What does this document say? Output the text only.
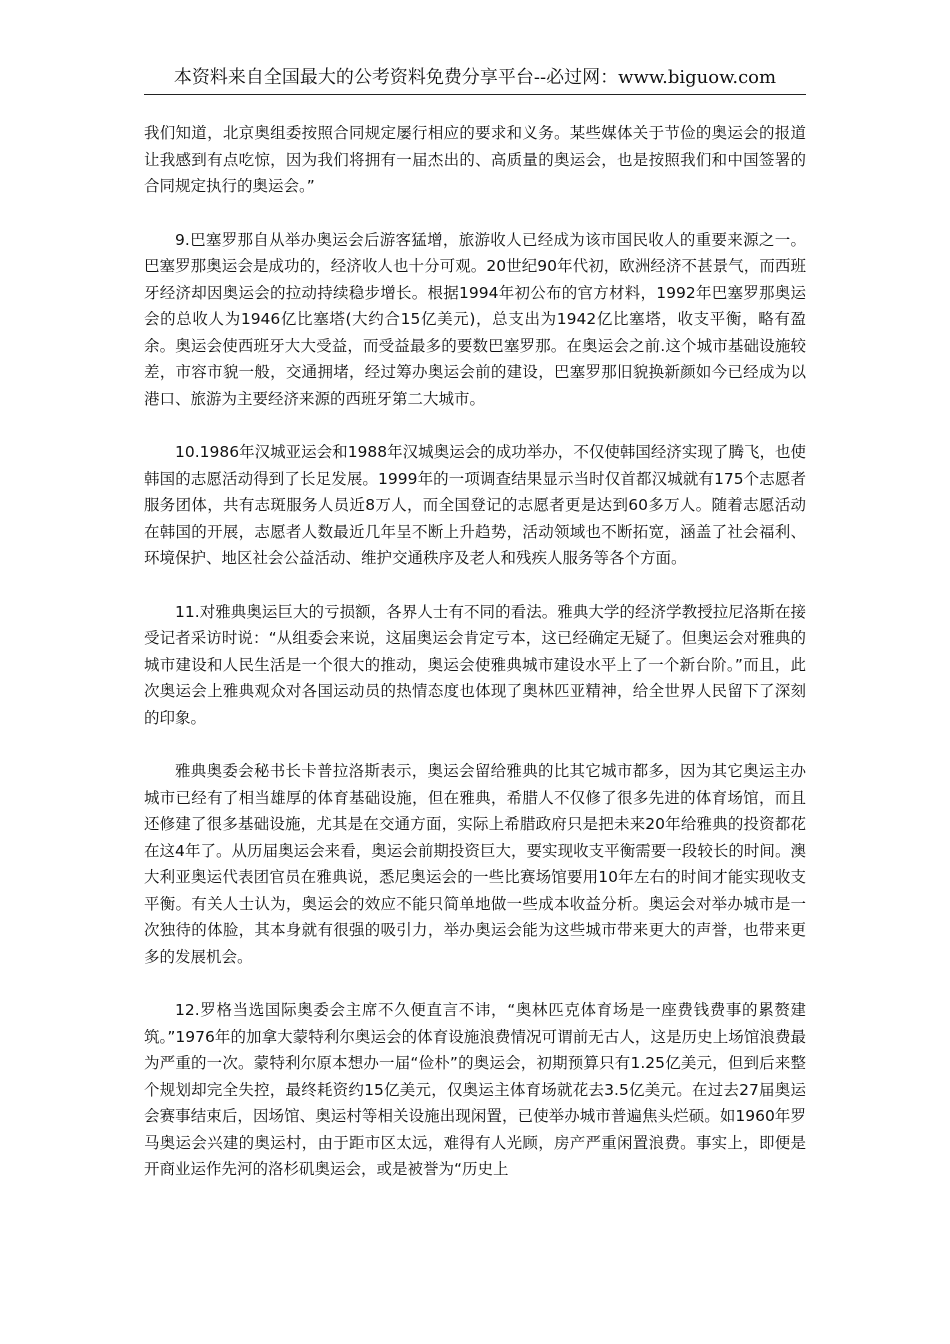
本资料来自全国最大的公考资料免费分享平台--必过网：www.biguow.com

我们知道，北京奥组委按照合同规定屡行相应的要求和义务。某些媒体关于节俭的奥运会的报道让我感到有点吃惊，因为我们将拥有一届杰出的、高质量的奥运会，也是按照我们和中国签署的合同规定执行的奥运会。”

9.巴塞罗那自从举办奥运会后游客猛增，旅游收人已经成为该市国民收人的重要来源之一。巴塞罗那奥运会是成功的，经济收人也十分可观。20世纪90年代初，欧洲经济不甚景气，而西班牙经济却因奥运会的拉动持续稳步增长。根据1994年初公布的官方材料，1992年巴塞罗那奥运会的总收人为1946亿比塞塔(大约合15亿美元)，总支出为1942亿比塞塔，收支平衡，略有盈余。奥运会使西班牙大大受益，而受益最多的要数巴塞罗那。在奥运会之前.这个城市基础设施较差，市容市貌一般，交通拥堵，经过筹办奥运会前的建设，巴塞罗那旧貌换新颜如今已经成为以港口、旅游为主要经济来源的西班牙第二大城市。

10.1986年汉城亚运会和1988年汉城奥运会的成功举办，不仅使韩国经济实现了腾飞，也使韩国的志愿活动得到了长足发展。1999年的一项调查结果显示当时仅首都汉城就有175个志愿者服务团体，共有志斑服务人员近8万人，而全国登记的志愿者更是达到60多万人。随着志愿活动在韩国的开展，志愿者人数最近几年呈不断上升趋势，活动领域也不断拓宽，涵盖了社会福利、环境保护、地区社会公益活动、维护交通秩序及老人和残疾人服务等各个方面。

11.对雅典奥运巨大的亏损额，各界人士有不同的看法。雅典大学的经济学教授拉尼洛斯在接受记者采访时说：“从组委会来说，这届奥运会肯定亏本，这已经确定无疑了。但奥运会对雅典的城市建设和人民生活是一个很大的推动，奥运会使雅典城市建设水平上了一个新台阶。”而且，此次奥运会上雅典观众对各国运动员的热情态度也体现了奥林匹亚精神，给全世界人民留下了深刻的印象。

雅典奥委会秘书长卡普拉洛斯表示，奥运会留给雅典的比其它城市都多，因为其它奥运主办城市已经有了相当雄厚的体育基础设施，但在雅典，希腊人不仅修了很多先进的体育场馆，而且还修建了很多基础设施，尤其是在交通方面，实际上希腊政府只是把未来20年给雅典的投资都花在这4年了。从历届奥运会来看，奥运会前期投资巨大，要实现收支平衡需要一段较长的时间。澳大利亚奥运代表团官员在雅典说，悉尼奥运会的一些比赛场馆要用10年左右的时间才能实现收支平衡。有关人士认为，奥运会的效应不能只简单地做一些成本收益分析。奥运会对举办城市是一次独待的体脸，其本身就有很强的吸引力，举办奥运会能为这些城市带来更大的声誉，也带来更多的发展机会。

12.罗格当选国际奥委会主席不久便直言不讳，“奥林匹克体育场是一座费钱费事的累赘建筑。”1976年的加拿大蒙特利尔奥运会的体育设施浪费情况可谓前无古人，这是历史上场馆浪费最为严重的一次。蒙特利尔原本想办一届“俭朴”的奥运会，初期预算只有1.25亿美元，但到后来整个规划却完全失控，最终耗资约15亿美元，仅奥运主体育场就花去3.5亿美元。在过去27届奥运会赛事结束后，因场馆、奥运村等相关设施出现闲置，已使举办城市普遍焦头烂硕。如1960年罗马奥运会兴建的奥运村，由于距市区太远，难得有人光顾，房产严重闲置浪费。事实上，即便是开商业运作先河的洛杉矶奥运会，或是被誉为“历史上
